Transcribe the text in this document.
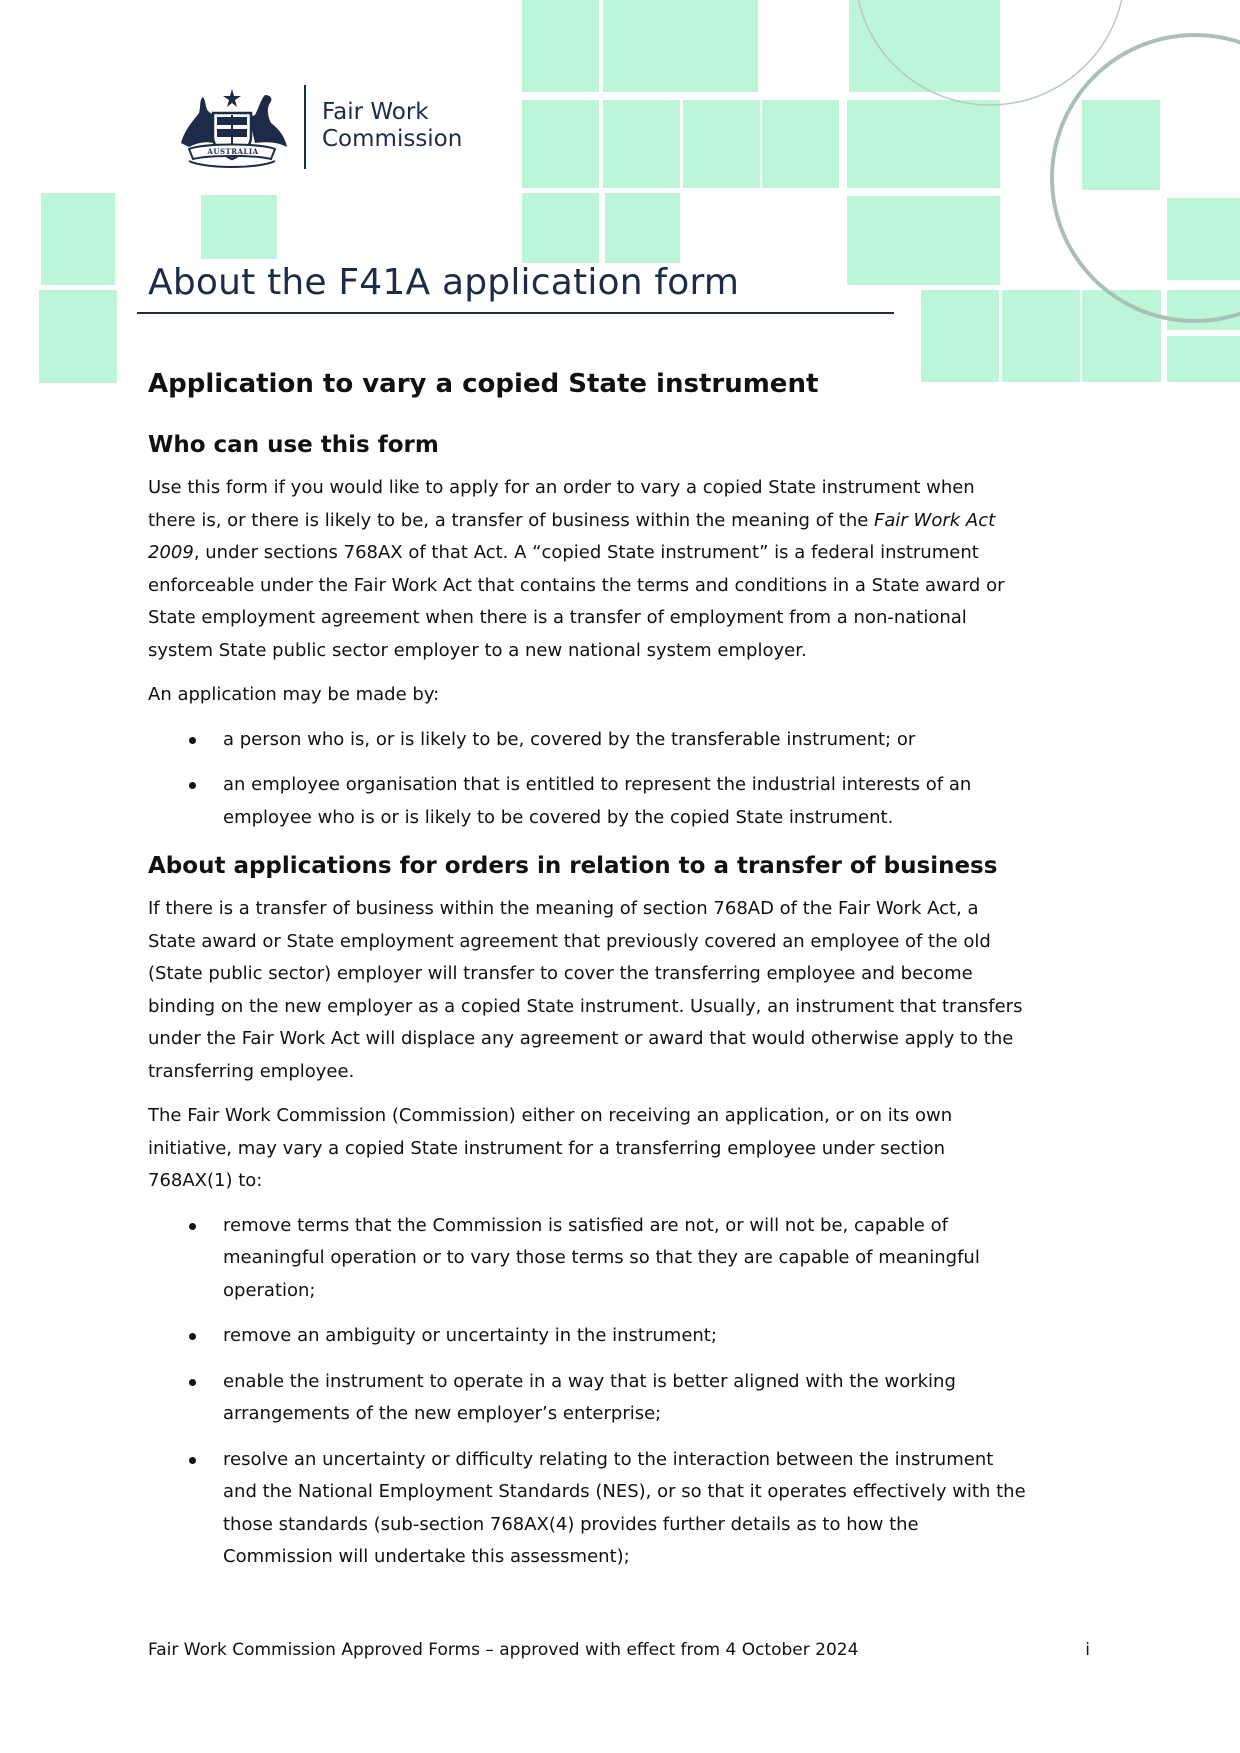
AUSTRALIA
Fair Work
Commission
About the F41A application form
Application to vary a copied State instrument
Who can use this form

Use this form if you would like to apply for an order to vary a copied State instrument when there is, or there is likely to be, a transfer of business within the meaning of the Fair Work Act 2009, under sections 768AX of that Act. A “copied State instrument” is a federal instrument enforceable under the Fair Work Act that contains the terms and conditions in a State award or State employment agreement when there is a transfer of employment from a non-national system State public sector employer to a new national system employer.

An application may be made by:

a person who is, or is likely to be, covered by the transferable instrument; or
an employee organisation that is entitled to represent the industrial interests of an employee who is or is likely to be covered by the copied State instrument.
About applications for orders in relation to a transfer of business

If there is a transfer of business within the meaning of section 768AD of the Fair Work Act, a State award or State employment agreement that previously covered an employee of the old (State public sector) employer will transfer to cover the transferring employee and become binding on the new employer as a copied State instrument. Usually, an instrument that transfers under the Fair Work Act will displace any agreement or award that would otherwise apply to the transferring employee.

The Fair Work Commission (Commission) either on receiving an application, or on its own initiative, may vary a copied State instrument for a transferring employee under section 768AX(1) to:

remove terms that the Commission is satisfied are not, or will not be, capable of meaningful operation or to vary those terms so that they are capable of meaningful operation;
remove an ambiguity or uncertainty in the instrument;
enable the instrument to operate in a way that is better aligned with the working arrangements of the new employer’s enterprise;
resolve an uncertainty or difficulty relating to the interaction between the instrument and the National Employment Standards (NES), or so that it operates effectively with the those standards (sub-section 768AX(4) provides further details as to how the Commission will undertake this assessment);
Fair Work Commission Approved Forms – approved with effect from 4 October 2024	i
